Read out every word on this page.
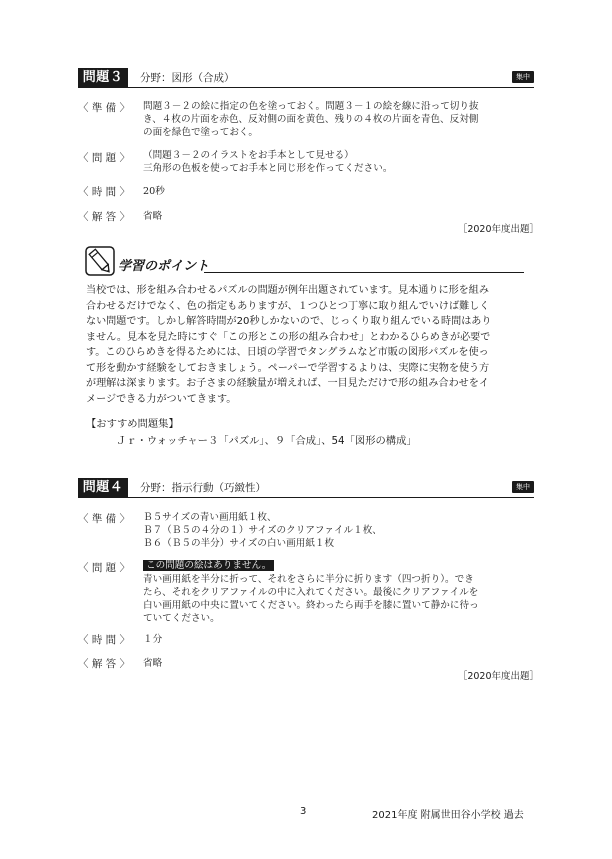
問題３	分野：図形（合成）	集中
〈 準 備 〉 問題３－２の絵に指定の色を塗っておく。問題３－１の絵を線に沿って切り抜
き、４枚の片面を赤色、反対側の面を黄色、残りの４枚の片面を青色、反対側
の面を緑色で塗っておく。
〈 問 題 〉 （問題３－２のイラストをお手本として見せる）
三角形の色板を使ってお手本と同じ形を作ってください。
〈 時 間 〉 20秒
〈 解 答 〉 省略
［2020年度出題］
学習のポイント
当校では、形を組み合わせるパズルの問題が例年出題されています。見本通りに形を組み
合わせるだけでなく、色の指定もありますが、１つひとつ丁寧に取り組んでいけば難しく
ない問題です。しかし解答時間が20秒しかないので、じっくり取り組んでいる時間はあり
ません。見本を見た時にすぐ「この形とこの形の組み合わせ」とわかるひらめきが必要で
す。このひらめきを得るためには、日頃の学習でタングラムなど市販の図形パズルを使っ
て形を動かす経験をしておきましょう。ペーパーで学習するよりは、実際に実物を使う方
が理解は深まります。お子さまの経験量が増えれば、一目見ただけで形の組み合わせをイ
メージできる力がついてきます。
【おすすめ問題集】
Ｊｒ・ウォッチャー３「パズル」、９「合成」、54「図形の構成」
問題４	分野：指示行動（巧緻性）	集中
〈 準 備 〉 Ｂ５サイズの青い画用紙１枚、
Ｂ７（Ｂ５の４分の１）サイズのクリアファイル１枚、
Ｂ６（Ｂ５の半分）サイズの白い画用紙１枚
〈 問 題 〉	この問題の絵はありません。
青い画用紙を半分に折って、それをさらに半分に折ります（四つ折り）。でき
たら、それをクリアファイルの中に入れてください。最後にクリアファイルを
白い画用紙の中央に置いてください。終わったら両手を膝に置いて静かに待っ
ていてください。
〈 時 間 〉 １分
〈 解 答 〉 省略
［2020年度出題］
3	2021年度 附属世田谷小学校 過去
